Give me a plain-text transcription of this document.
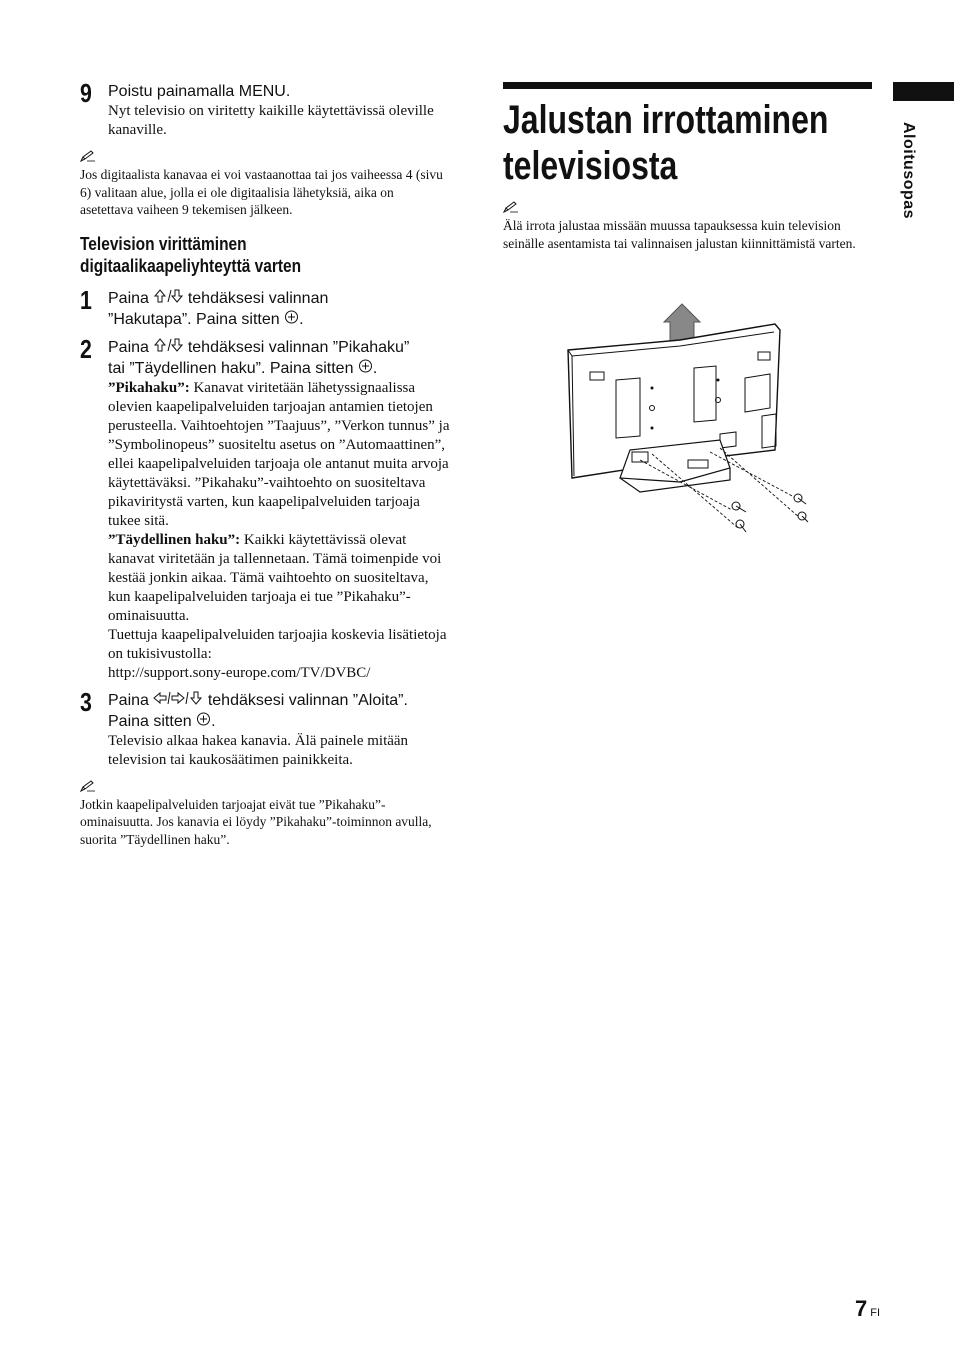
9 Poistu painamalla MENU.
Nyt televisio on viritetty kaikille käytettävissä oleville kanaville.
Jos digitaalista kanavaa ei voi vastaanottaa tai jos vaiheessa 4 (sivu 6) valitaan alue, jolla ei ole digitaalisia lähetyksiä, aika on asetettava vaiheen 9 tekemisen jälkeen.
Television virittäminen
digitaalikaapeliyhteyttä varten
1 Paina  tehdäksesi valinnan
”Hakutapa”. Paina sitten .
2 Paina  tehdäksesi valinnan ”Pikahaku”
tai ”Täydellinen haku”. Paina sitten .
”Pikahaku”: Kanavat viritetään lähetyssignaalissa olevien kaapelipalveluiden tarjoajan antamien tietojen perusteella. Vaihtoehtojen ”Taajuus”, ”Verkon tunnus” ja ”Symbolinopeus” suositeltu asetus on ”Automaattinen”, ellei kaapelipalveluiden tarjoaja ole antanut muita arvoja käytettäväksi. ”Pikahaku”-vaihtoehto on suositeltava pikaviritystä varten, kun kaapelipalveluiden tarjoaja tukee sitä.
”Täydellinen haku”: Kaikki käytettävissä olevat kanavat viritetään ja tallennetaan. Tämä toimenpide voi kestää jonkin aikaa. Tämä vaihtoehto on suositeltava, kun kaapelipalveluiden tarjoaja ei tue ”Pikahaku”-ominaisuutta.
Tuettuja kaapelipalveluiden tarjoajia koskevia lisätietoja on tukisivustolla:
http://support.sony-europe.com/TV/DVBC/
3 Paina	tehdäksesi valinnan ”Aloita”.
Paina sitten .
Televisio alkaa hakea kanavia. Älä painele mitään television tai kaukosäätimen painikkeita.
Jotkin kaapelipalveluiden tarjoajat eivät tue ”Pikahaku”-ominaisuutta. Jos kanavia ei löydy ”Pikahaku”-toiminnon avulla, suorita ”Täydellinen haku”.
Jalustan irrottaminen
televisiosta
Älä irrota jalustaa missään muussa tapauksessa kuin television seinälle asentamista tai valinnaisen jalustan kiinnittämistä varten.
Aloitusopas
7 FI
